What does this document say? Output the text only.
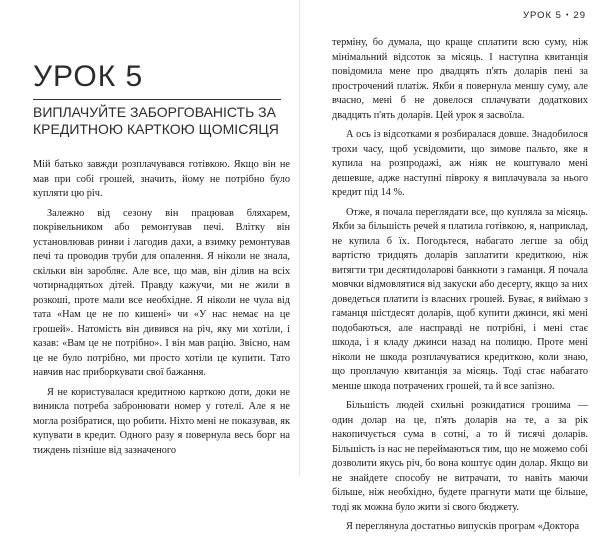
УРОК 5
ВИПЛАЧУЙТЕ ЗАБОРГОВАНІСТЬ ЗА КРЕДИТНОЮ КАРТКОЮ ЩОМІСЯЦЯ

Мій батько завжди розплачувався готівкою. Якщо він не мав при собі грошей, значить, йому не потрібно було купляти цю річ.

Залежно від сезону він працював бляхарем, покрівельником або ремонтував печі. Влітку він установлював ринви і лагодив дахи, а взимку ремонтував печі та проводив труби для опалення. Я ніколи не знала, скільки він заробляє. Але все, що мав, він ділив на всіх чотирнадцятьох дітей. Правду кажучи, ми не жили в розкоші, проте мали все необхідне. Я ніколи не чула від тата «Нам це не по кишені» чи «У нас немає на це грошей». Натомість він дивився на річ, яку ми хотіли, і казав: «Вам це не потрібно». І він мав рацію. Звісно, нам це не було потрібно, ми просто хотіли це купити. Тато навчив нас приборкувати свої бажання.

Я не користувалася кредитною карткою доти, доки не виникла потреба забронювати номер у готелі. Але я не могла розібратися, що робити. Ніхто мені не показував, як купувати в кредит. Одного разу я повернула весь борг на тиждень пізніше від зазначеного

УРОК 5 • 29

терміну, бо думала, що краще сплатити всю суму, ніж мінімальний відсоток за місяць. І наступна квитанція повідомила мене про двадцять п'ять доларів пені за прострочений платіж. Якби я повернула меншу суму, але вчасно, мені б не довелося сплачувати додаткових двадцять п'ять доларів. Цей урок я засвоїла.

А ось із відсотками я розбиралася довше. Знадобилося трохи часу, щоб усвідомити, що зимове пальто, яке я купила на розпродажі, аж ніяк не коштувало мені дешевше, адже наступні півроку я виплачувала за нього кредит під 14 %.

Отже, я почала переглядати все, що купляла за місяць. Якби за більшість речей я платила готівкою, я, наприклад, не купила б їх. Погодьтеся, набагато легше за обід вартістю тридцять доларів заплатити кредиткою, ніж витягти три десятидоларові банкноти з гаманця. Я почала мовчки відмовлятися від закуски або десерту, якщо за них доведеться платити із власних грошей. Буває, я виймаю з гаманця шістдесят доларів, щоб купити джинси, які мені подобаються, але насправді не потрібні, і мені стає шкода, і я кладу джинси назад на полицю. Проте мені ніколи не шкода розплачуватися кредиткою, коли знаю, що проплачую квитанція за місяць. Тоді стає набагато менше шкода потрачених грошей, та й все запізно.

Більшість людей схильні розкидатися грошима — один долар на це, п'ять доларів на те, а за рік накопичується сума в сотні, а то й тисячі доларів. Більшість із нас не переймаються тим, що не можемо собі дозволити якусь річ, бо вона коштує один долар. Якщо ви не знайдете способу не витрачати, то навіть маючи більше, ніж необхідно, будете прагнути мати ще більше, тоді як можна було жити зі свого бюджету.

Я переглянула достатньо випусків програм «Доктора
